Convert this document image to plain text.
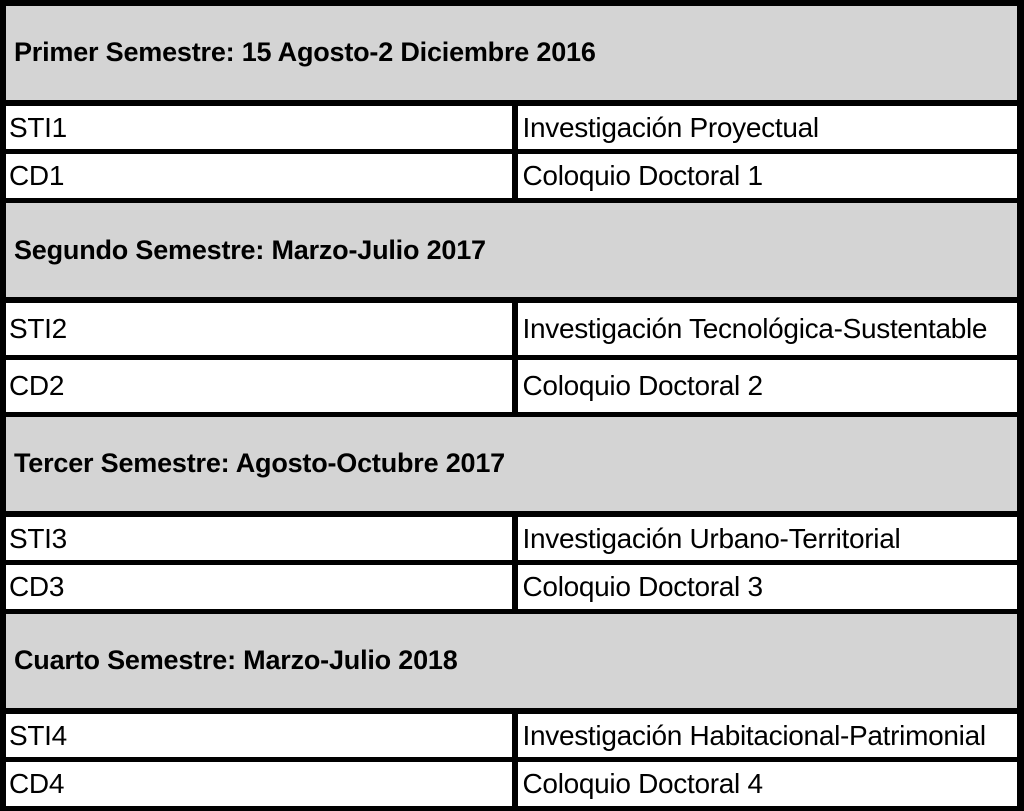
Primer Semestre: 15 Agosto-2 Diciembre 2016	
STI1	Investigación Proyectual
CD1	Coloquio Doctoral 1
Segundo Semestre: Marzo-Julio 2017	
STI2	Investigación Tecnológica-Sustentable
CD2	Coloquio Doctoral 2
Tercer Semestre: Agosto-Octubre 2017	
STI3	Investigación Urbano-Territorial
CD3	Coloquio Doctoral 3
Cuarto Semestre: Marzo-Julio 2018	
STI4	Investigación Habitacional-Patrimonial
CD4	Coloquio Doctoral 4
